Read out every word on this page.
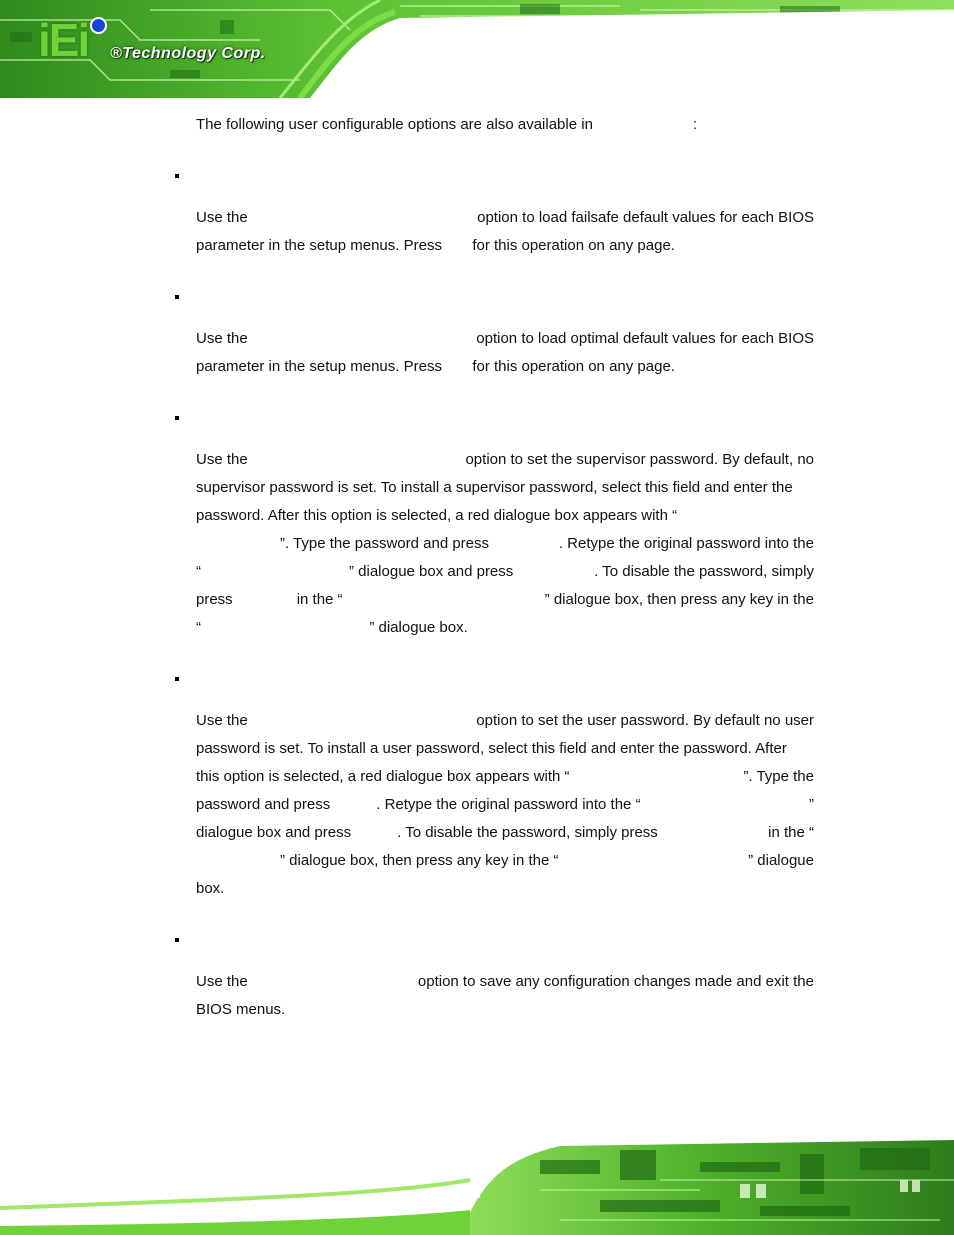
iEi ®Technology Corp.
The following user configurable options are also available in	:
Use the	option to load failsafe default values for each BIOS
parameter in the setup menus. Press for this operation on any page.
Use the	option to load optimal default values for each BIOS
parameter in the setup menus. Press for this operation on any page.
Use the	option to set the supervisor password. By default, no
supervisor password is set. To install a supervisor password, select this field and enter the
password. After this option is selected, a red dialogue box appears with “
”. Type the password and press	. Retype the original password into the
“	” dialogue box and press	. To disable the password, simply
press	in the “	” dialogue box, then press any key in the
“	” dialogue box.
Use the	option to set the user password. By default no user
password is set. To install a user password, select this field and enter the password. After
this option is selected, a red dialogue box appears with “	”. Type the
password and press	. Retype the original password into the “	”
dialogue box and press	. To disable the password, simply press	in the “
” dialogue box, then press any key in the “	” dialogue
box.
Use the	option to save any configuration changes made and exit the
BIOS menus.
